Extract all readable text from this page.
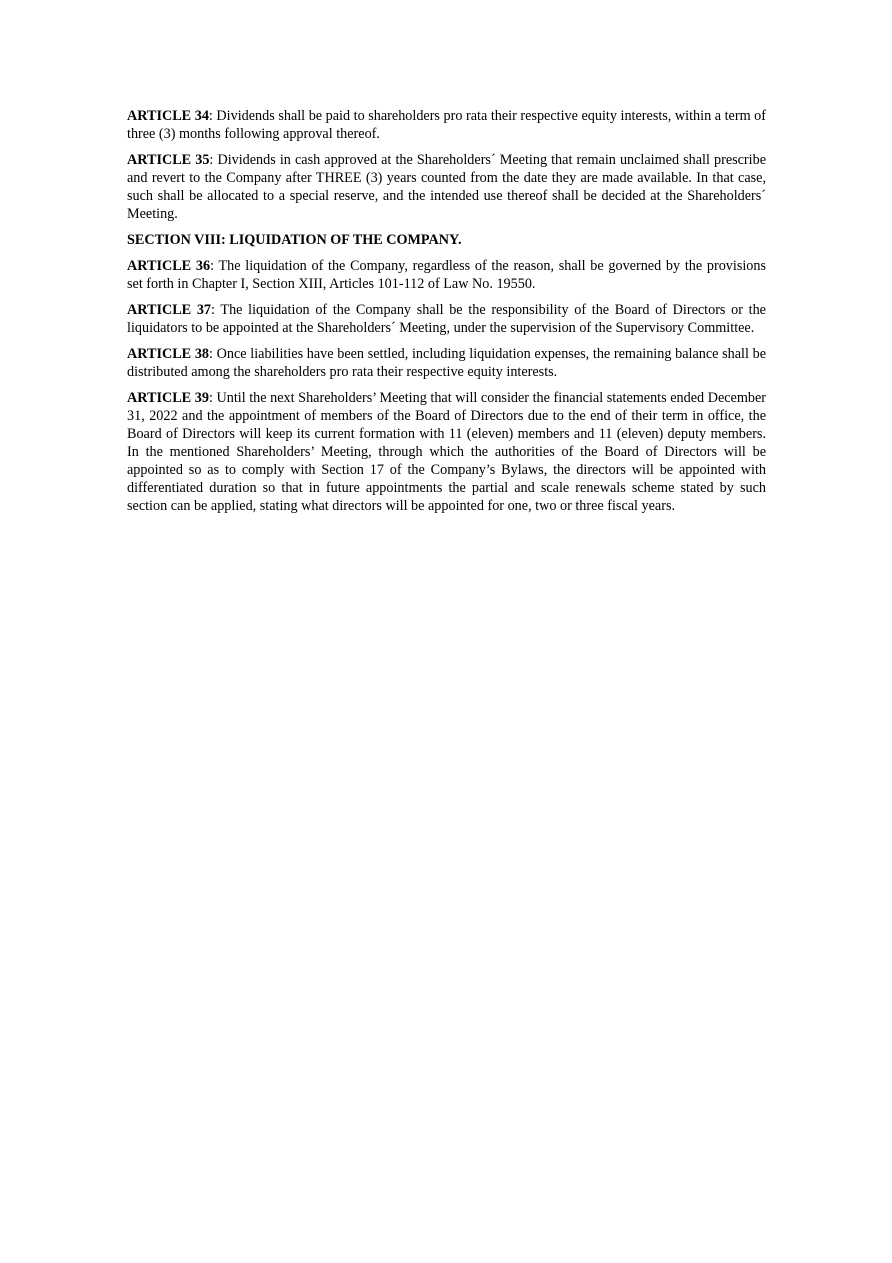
ARTICLE 34: Dividends shall be paid to shareholders pro rata their respective equity interests, within a term of three (3) months following approval thereof.

ARTICLE 35: Dividends in cash approved at the Shareholders´ Meeting that remain unclaimed shall prescribe and revert to the Company after THREE (3) years counted from the date they are made available. In that case, such shall be allocated to a special reserve, and the intended use thereof shall be decided at the Shareholders´ Meeting.

SECTION VIII: LIQUIDATION OF THE COMPANY.

ARTICLE 36: The liquidation of the Company, regardless of the reason, shall be governed by the provisions set forth in Chapter I, Section XIII, Articles 101-112 of Law No. 19550.

ARTICLE 37: The liquidation of the Company shall be the responsibility of the Board of Directors or the liquidators to be appointed at the Shareholders´ Meeting, under the supervision of the Supervisory Committee.

ARTICLE 38: Once liabilities have been settled, including liquidation expenses, the remaining balance shall be distributed among the shareholders pro rata their respective equity interests.

ARTICLE 39: Until the next Shareholders’ Meeting that will consider the financial statements ended December 31, 2022 and the appointment of members of the Board of Directors due to the end of their term in office, the Board of Directors will keep its current formation with 11 (eleven) members and 11 (eleven) deputy members. In the mentioned Shareholders’ Meeting, through which the authorities of the Board of Directors will be appointed so as to comply with Section 17 of the Company’s Bylaws, the directors will be appointed with differentiated duration so that in future appointments the partial and scale renewals scheme stated by such section can be applied, stating what directors will be appointed for one, two or three fiscal years.
